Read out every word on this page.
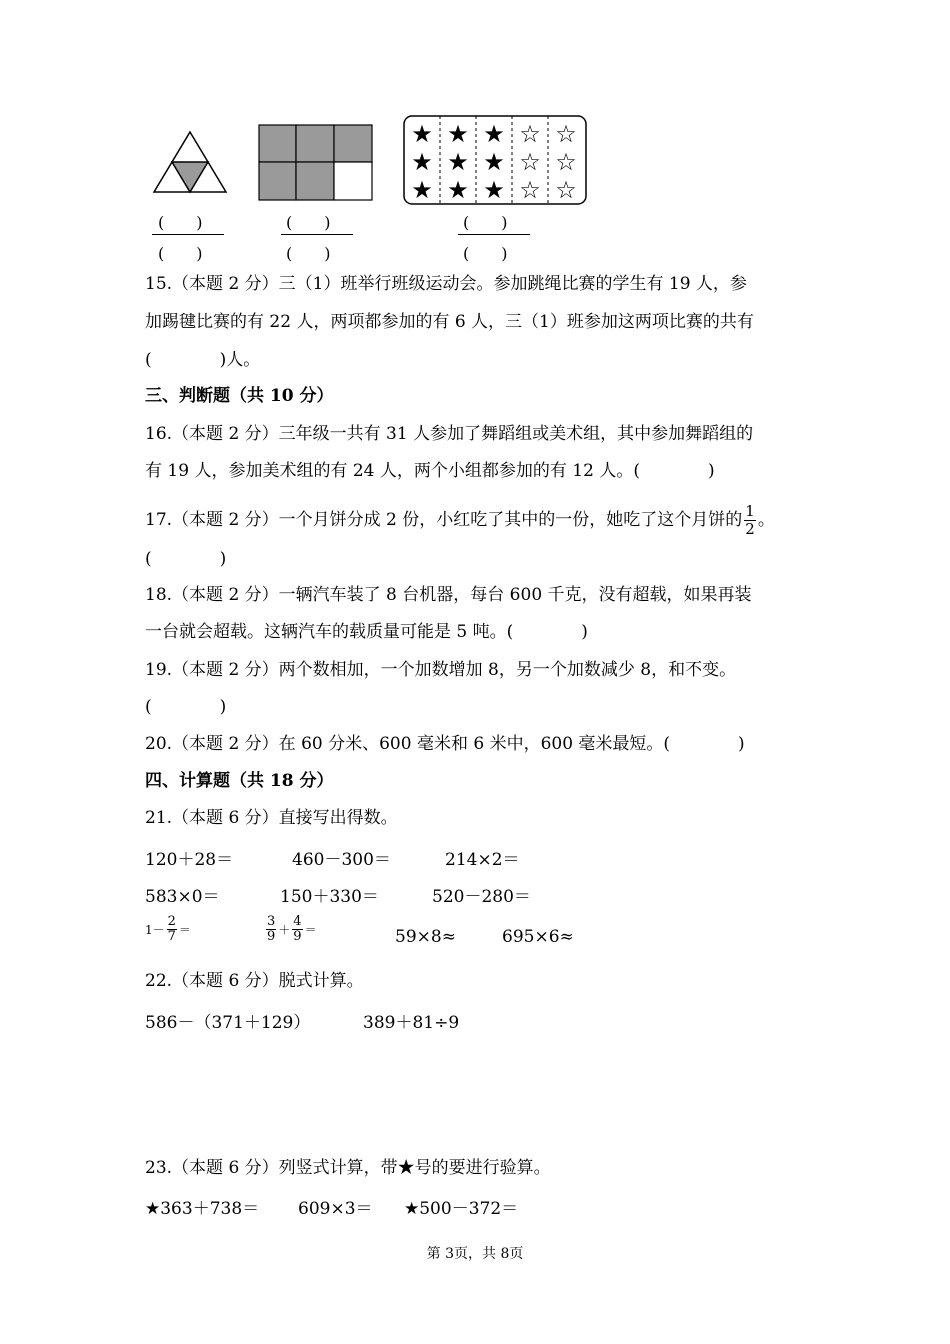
★ ★ ★ ☆ ☆
★ ★ ★ ☆ ☆
★ ★ ★ ☆ ☆
(　　)
(　　)
(　　)
(　　)
(　　)
(　　)
15.（本题 2 分）三（1）班举行班级运动会。参加跳绳比赛的学生有 19 人，参
加踢毽比赛的有 22 人，两项都参加的有 6 人，三（1）班参加这两项比赛的共有
(　　　　)人。
三、判断题（共 10 分）
16.（本题 2 分）三年级一共有 31 人参加了舞蹈组或美术组，其中参加舞蹈组的
有 19 人，参加美术组的有 24 人，两个小组都参加的有 12 人。(　　　　)
17.（本题 2 分）一个月饼分成 2 份，小红吃了其中的一份，她吃了这个月饼的 $\frac{1}{2}$ 。
(　　　　)
18.（本题 2 分）一辆汽车装了 8 台机器，每台 600 千克，没有超载，如果再装
一台就会超载。这辆汽车的载质量可能是 5 吨。(　　　　)
19.（本题 2 分）两个数相加，一个加数增加 8，另一个加数减少 8，和不变。
(　　　　)
20.（本题 2 分）在 60 分米、600 毫米和 6 米中，600 毫米最短。(　　　　)
四、计算题（共 18 分）
21.（本题 6 分）直接写出得数。
120＋28＝	460－300＝	214×2＝
583×0＝	150＋330＝	520－280＝
$1- \frac{2}{7}$ ＝	$\frac{3}{9} + \frac{4}{9}$ ＝	59×8≈	695×6≈
22.（本题 6 分）脱式计算。
586－（371＋129）	389＋81÷9
23.（本题 6 分）列竖式计算，带★号的要进行验算。
★363＋738＝ 609×3＝ ★500－372＝
第 3页，共 8页
